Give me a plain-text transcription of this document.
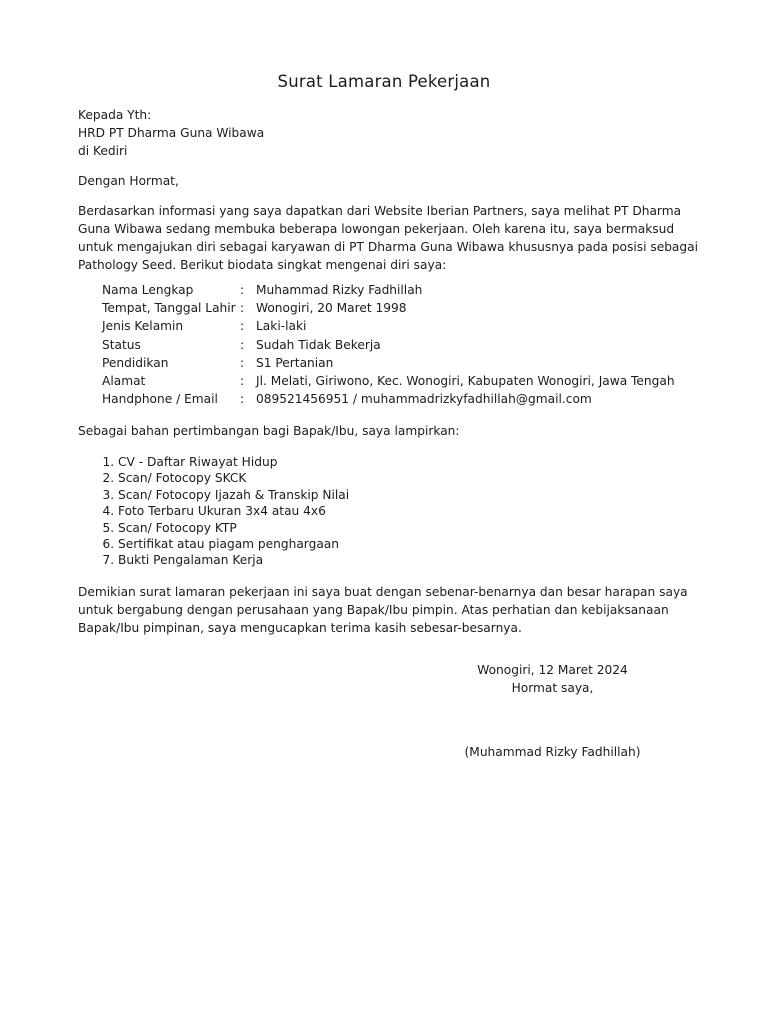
Surat Lamaran Pekerjaan
Kepada Yth:
HRD PT Dharma Guna Wibawa
di Kediri
Dengan Hormat,
Berdasarkan informasi yang saya dapatkan dari Website Iberian Partners, saya melihat PT Dharma Guna Wibawa sedang membuka beberapa lowongan pekerjaan. Oleh karena itu, saya bermaksud untuk mengajukan diri sebagai karyawan di PT Dharma Guna Wibawa khususnya pada posisi sebagai Pathology Seed. Berikut biodata singkat mengenai diri saya:
Nama Lengkap	:	Muhammad Rizky Fadhillah
Tempat, Tanggal Lahir	:	Wonogiri, 20 Maret 1998
Jenis Kelamin	:	Laki-laki
Status	:	Sudah Tidak Bekerja
Pendidikan	:	S1 Pertanian
Alamat	:	Jl. Melati, Giriwono, Kec. Wonogiri, Kabupaten Wonogiri, Jawa Tengah
Handphone / Email	:	089521456951 / muhammadrizkyfadhillah@gmail.com
Sebagai bahan pertimbangan bagi Bapak/Ibu, saya lampirkan:
1. CV - Daftar Riwayat Hidup
2. Scan/ Fotocopy SKCK
3. Scan/ Fotocopy Ijazah & Transkip Nilai
4. Foto Terbaru Ukuran 3x4 atau 4x6
5. Scan/ Fotocopy KTP
6. Sertifikat atau piagam penghargaan
7. Bukti Pengalaman Kerja
Demikian surat lamaran pekerjaan ini saya buat dengan sebenar-benarnya dan besar harapan saya untuk bergabung dengan perusahaan yang Bapak/Ibu pimpin. Atas perhatian dan kebijaksanaan Bapak/Ibu pimpinan, saya mengucapkan terima kasih sebesar-besarnya.
Wonogiri, 12 Maret 2024
Hormat saya,
(Muhammad Rizky Fadhillah)
